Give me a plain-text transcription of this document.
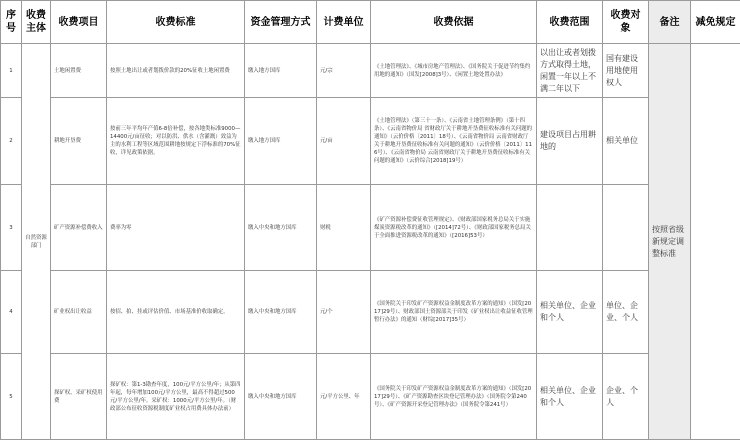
序号	收费主体	收费项目	收费标准	资金管理方式	计费单位	收费依据	收费范围	收费对象	备注	减免规定
1	自然资源部门	土地闲置费	按照土地出让或者划拨价款的20%征收土地闲置费	缴入地方国库	元/宗	《土地管理法》、《城市房地产管理法》、《国务院关于促进节约集约用地的通知》（国发[2008]3号）、《闲置土地处置办法》	以出让或者划拨方式取得土地，闲置一年以上不满二年以下	国有建设用地使用权人	按照省级新规定调整标准	
2		耕地开垦费	按前三年平均年产值6-8倍补偿，按各地类标准9000—14400元/亩征收；对以防洪、供水（含灌溉）效益为主的水利工程等区域范围耕地按规定下浮标准的70%征收，详见政策依据。	缴入地方国库	元/亩	《土地管理法》（第三十一条）、《云南省土地管理条例》（第十四条）、《云南省物价局 省财政厅关于耕地开垦费征收标准有关问题的通知》（云价价格〔2011〕18号）、《云南省物价局 云南省财政厅关于耕地开垦费征收标准有关问题的通知》（云价价格〔2011〕116号）、《云南省物价局 云南省财政厅关于耕地开垦费征收标准有关问题的通知》（云价综合[2018]19号）	建设项目占用耕地的	相关单位		
3		矿产资源补偿费收入	费率为零	缴入中央和地方国库	财税	《矿产资源补偿费征收管理规定》、《财政部国家税务总局关于实施煤炭资源税改革的通知》（[2014]72号）、《财政部国家税务总局关于全面推进资源税改革的通知》（[2016]53号）				
4		矿业权出让收益	按招、拍、挂或评估价值、市场基准价收取确定。	缴入中央和地方国库	元/个	《国务院关于印发矿产资源权益金制度改革方案的通知》（国发[2017]29号）、财政部国土资源部关于印发《矿业权出让收益征收管理暂行办法》的通知（财综[2017]35号）	相关单位、企业和个人	单位、企业、个人		
5		探矿权、采矿权使用费	探矿权：第1-3勘查年度，100元/平方公里/年；从第四年起，每年增加100元/平方公里，最高不得超过500元/平方公里/年。采矿权：1000元/平方公里/年。（财政部公布征收资源税制度矿业权占用费具体办法前）	缴入中央和地方国库	元/平方公里、年	《国务院关于印发矿产资源权益金制度改革方案的通知》（国发[2017]29号）、《矿产资源勘查区块登记管理办法》（国务院令第240号）、《矿产资源开采登记管理办法》（国务院令第241号）	相关单位、企业和个人	企业、个人		
